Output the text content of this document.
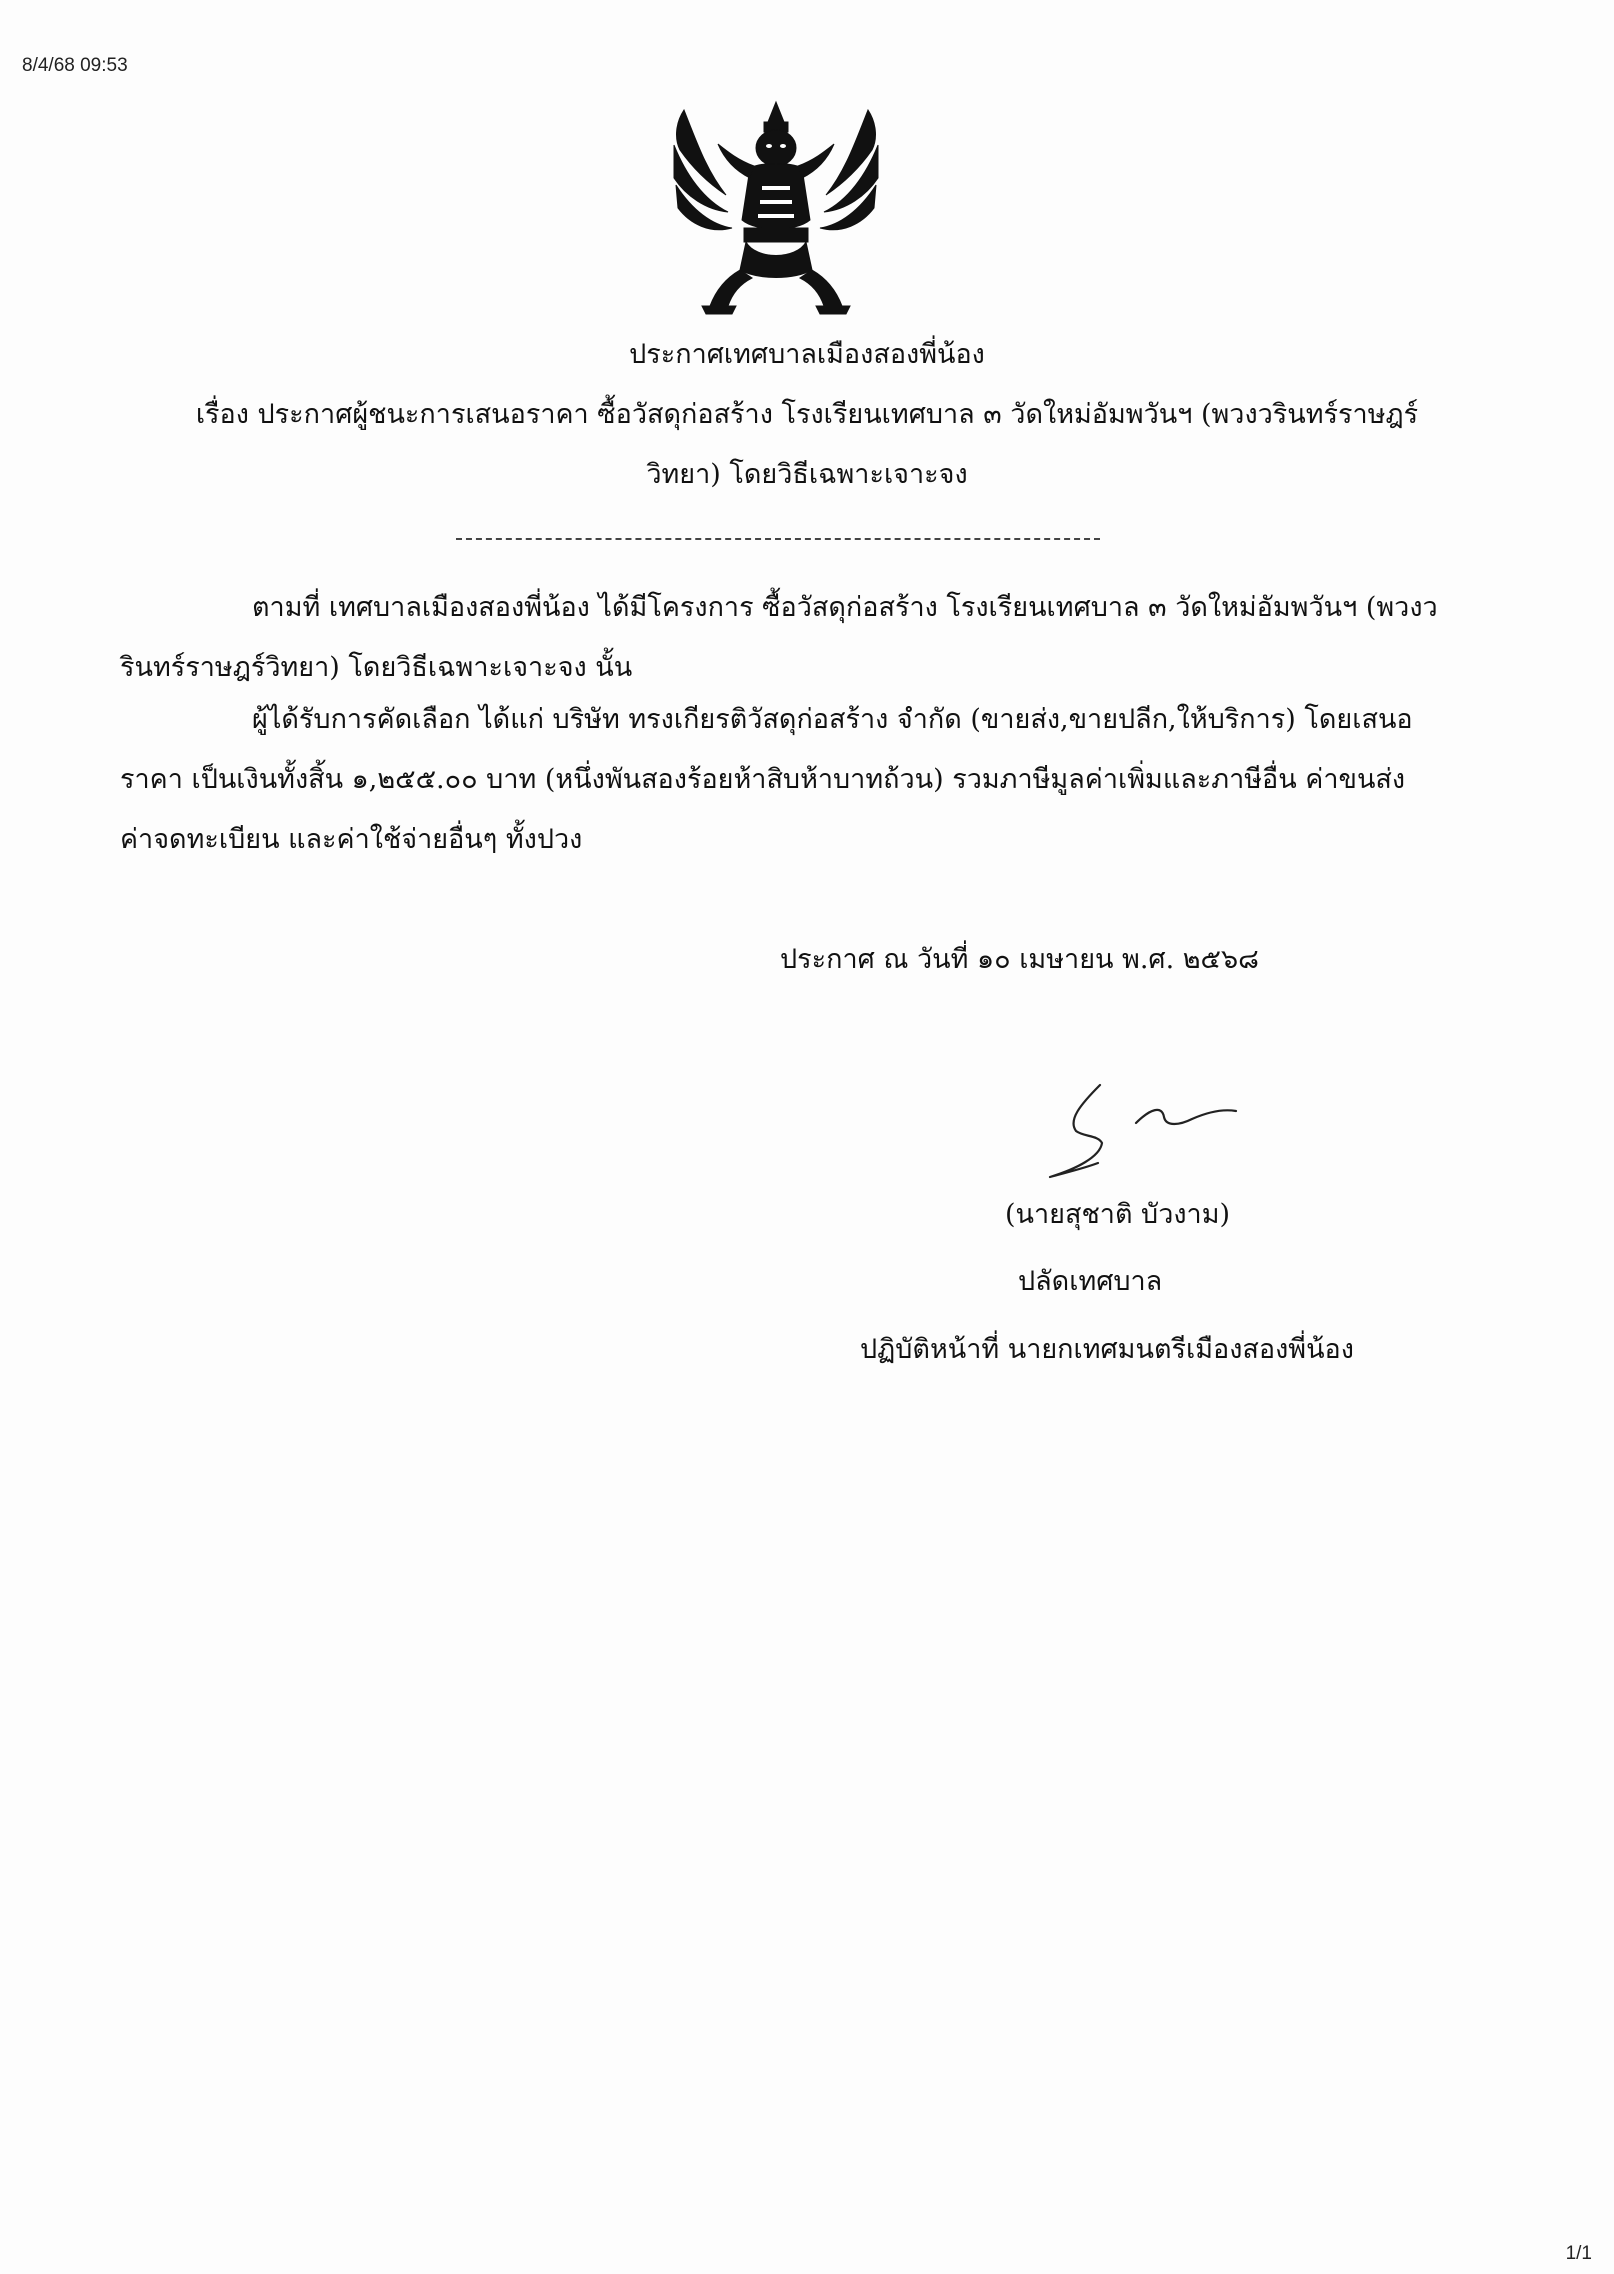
8/4/68 09:53
ประกาศเทศบาลเมืองสองพี่น้อง
เรื่อง ประกาศผู้ชนะการเสนอราคา ซื้อวัสดุก่อสร้าง โรงเรียนเทศบาล ๓ วัดใหม่อัมพวันฯ (พวงวรินทร์ราษฎร์
วิทยา) โดยวิธีเฉพาะเจาะจง
ตามที่ เทศบาลเมืองสองพี่น้อง ได้มีโครงการ ซื้อวัสดุก่อสร้าง โรงเรียนเทศบาล ๓ วัดใหม่อัมพวันฯ (พวงว
รินทร์ราษฎร์วิทยา) โดยวิธีเฉพาะเจาะจง นั้น
ผู้ได้รับการคัดเลือก ได้แก่ บริษัท ทรงเกียรติวัสดุก่อสร้าง จำกัด (ขายส่ง,ขายปลีก,ให้บริการ) โดยเสนอ
ราคา เป็นเงินทั้งสิ้น ๑,๒๕๕.๐๐ บาท (หนึ่งพันสองร้อยห้าสิบห้าบาทถ้วน) รวมภาษีมูลค่าเพิ่มและภาษีอื่น ค่าขนส่ง
ค่าจดทะเบียน และค่าใช้จ่ายอื่นๆ ทั้งปวง
ประกาศ ณ วันที่ ๑๐ เมษายน พ.ศ. ๒๕๖๘
(นายสุชาติ บัวงาม)
ปลัดเทศบาล
ปฏิบัติหน้าที่ นายกเทศมนตรีเมืองสองพี่น้อง
1/1
